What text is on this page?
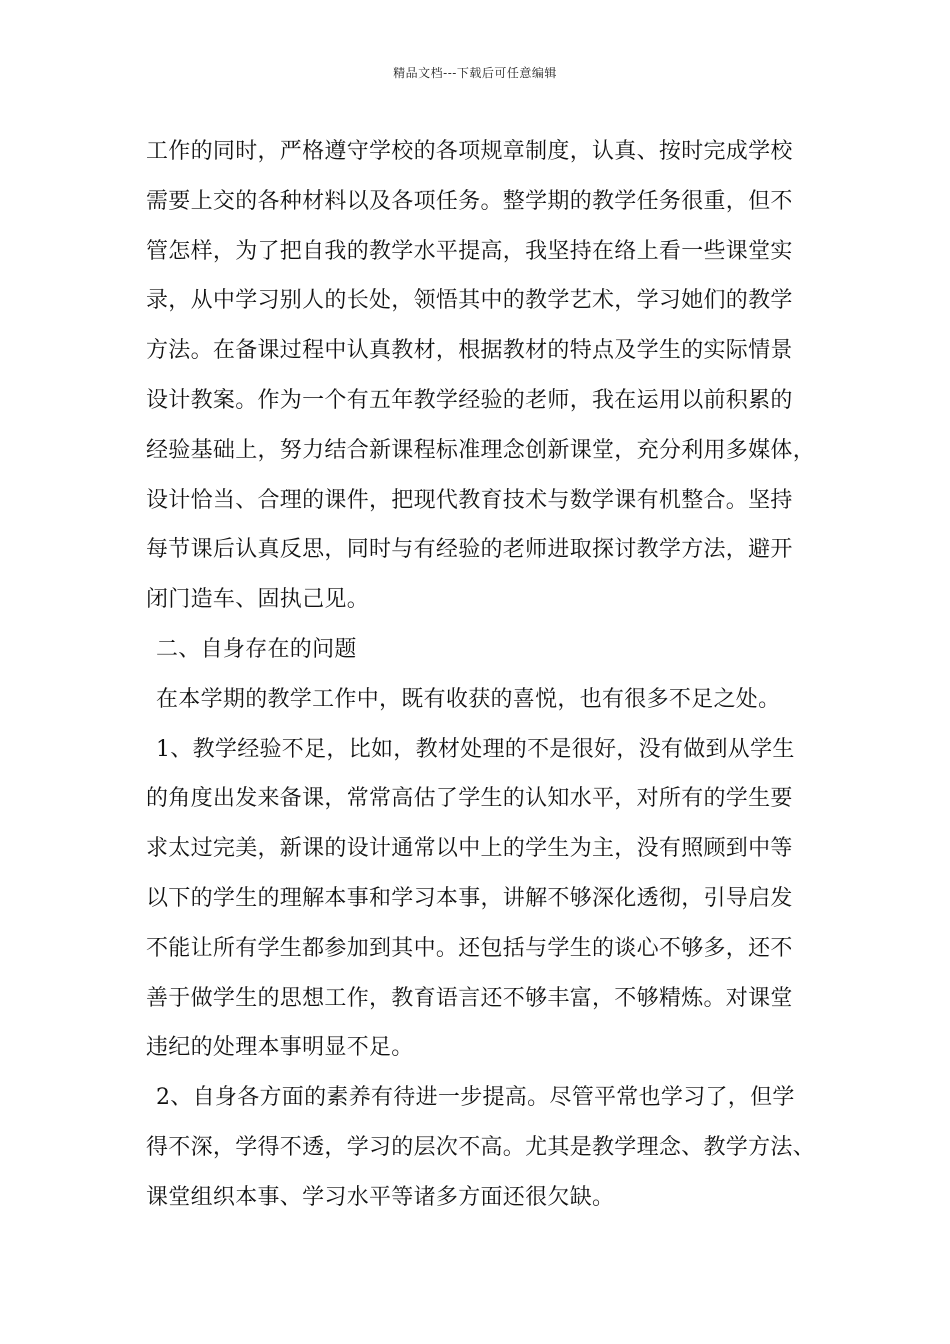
精品文档---下载后可任意编辑
工作的同时，严格遵守学校的各项规章制度，认真、按时完成学校
需要上交的各种材料以及各项任务。整学期的教学任务很重，但不
管怎样，为了把自我的教学水平提高，我坚持在络上看一些课堂实
录，从中学习别人的长处，领悟其中的教学艺术，学习她们的教学
方法。在备课过程中认真教材，根据教材的特点及学生的实际情景
设计教案。作为一个有五年教学经验的老师，我在运用以前积累的
经验基础上，努力结合新课程标准理念创新课堂，充分利用多媒体，
设计恰当、合理的课件，把现代教育技术与数学课有机整合。坚持
每节课后认真反思，同时与有经验的老师进取探讨教学方法，避开
闭门造车、固执己见。
二、自身存在的问题
在本学期的教学工作中，既有收获的喜悦，也有很多不足之处。
1、教学经验不足，比如，教材处理的不是很好，没有做到从学生
的角度出发来备课，常常高估了学生的认知水平，对所有的学生要
求太过完美，新课的设计通常以中上的学生为主，没有照顾到中等
以下的学生的理解本事和学习本事，讲解不够深化透彻，引导启发
不能让所有学生都参加到其中。还包括与学生的谈心不够多，还不
善于做学生的思想工作，教育语言还不够丰富，不够精炼。对课堂
违纪的处理本事明显不足。
2、自身各方面的素养有待进一步提高。尽管平常也学习了，但学
得不深，学得不透，学习的层次不高。尤其是教学理念、教学方法、
课堂组织本事、学习水平等诸多方面还很欠缺。
